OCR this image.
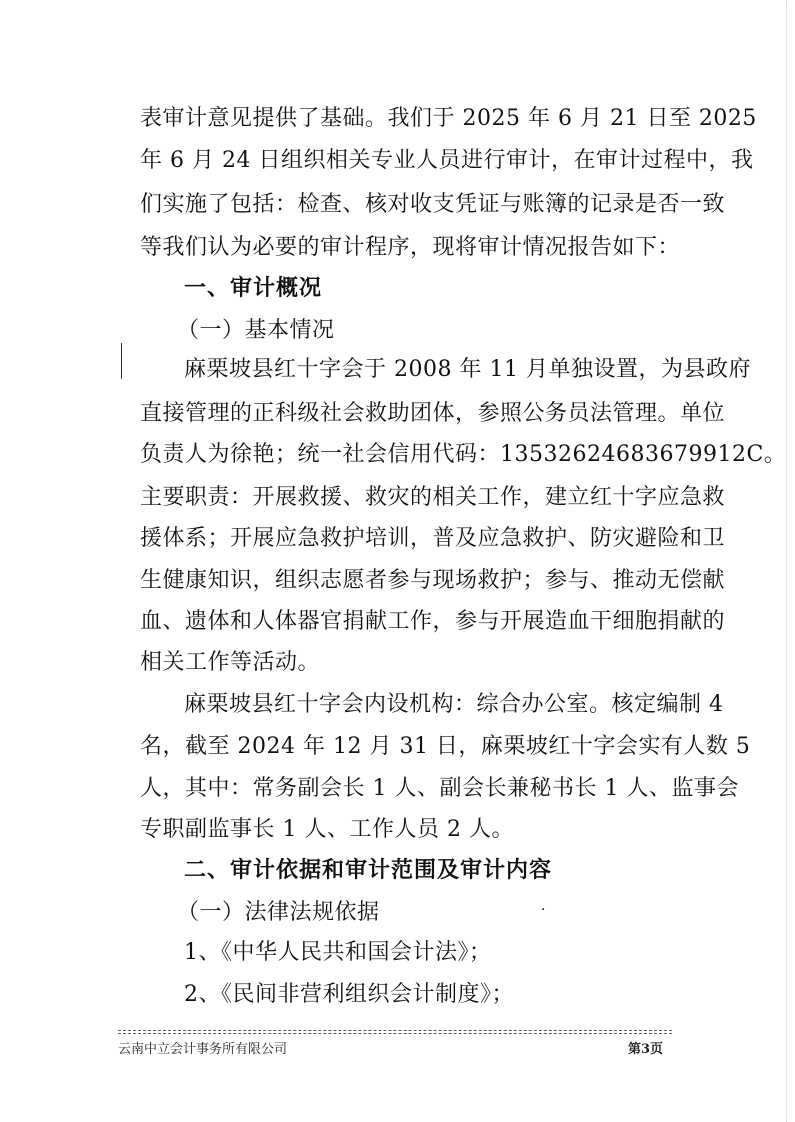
表审计意见提供了基础。我们于 2025 年 6 月 21 日至 2025
年 6 月 24 日组织相关专业人员进行审计，在审计过程中，我
们实施了包括：检查、核对收支凭证与账簿的记录是否一致
等我们认为必要的审计程序，现将审计情况报告如下：
一、审计概况
（一）基本情况
麻栗坡县红十字会于 2008 年 11 月单独设置，为县政府
直接管理的正科级社会救助团体，参照公务员法管理。单位
负责人为徐艳；统一社会信用代码：13532624683679912C。
主要职责：开展救援、救灾的相关工作，建立红十字应急救
援体系；开展应急救护培训，普及应急救护、防灾避险和卫
生健康知识，组织志愿者参与现场救护；参与、推动无偿献
血、遗体和人体器官捐献工作，参与开展造血干细胞捐献的
相关工作等活动。
麻栗坡县红十字会内设机构：综合办公室。核定编制 4
名，截至 2024 年 12 月 31 日，麻栗坡红十字会实有人数 5
人，其中：常务副会长 1 人、副会长兼秘书长 1 人、监事会
专职副监事长 1 人、工作人员 2 人。
二、审计依据和审计范围及审计内容
（一）法律法规依据	.
1、《中华人民共和国会计法》；
2、《民间非营利组织会计制度》；
云南中立会计事务所有限公司	第3页
